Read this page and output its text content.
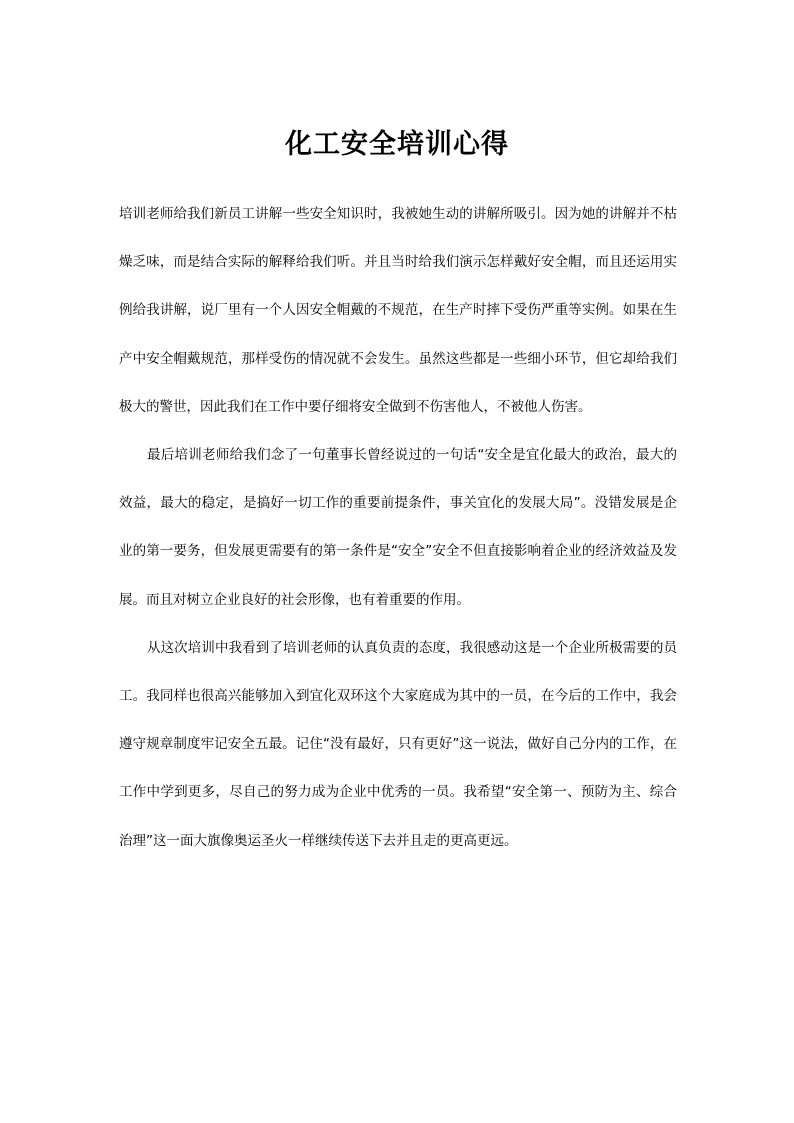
化工安全培训心得

培训老师给我们新员工讲解一些安全知识时，我被她生动的讲解所吸引。因为她的讲解并不枯燥乏味，而是结合实际的解释给我们听。并且当时给我们演示怎样戴好安全帽，而且还运用实例给我讲解，说厂里有一个人因安全帽戴的不规范，在生产时摔下受伤严重等实例。如果在生产中安全帽戴规范，那样受伤的情况就不会发生。虽然这些都是一些细小环节，但它却给我们极大的警世，因此我们在工作中要仔细将安全做到不伤害他人，不被他人伤害。

最后培训老师给我们念了一句董事长曾经说过的一句话“安全是宜化最大的政治，最大的效益，最大的稳定，是搞好一切工作的重要前提条件，事关宜化的发展大局”。没错发展是企业的第一要务，但发展更需要有的第一条件是“安全”安全不但直接影响着企业的经济效益及发展。而且对树立企业良好的社会形像，也有着重要的作用。

从这次培训中我看到了培训老师的认真负责的态度，我很感动这是一个企业所极需要的员工。我同样也很高兴能够加入到宜化双环这个大家庭成为其中的一员，在今后的工作中，我会遵守规章制度牢记安全五最。记住“没有最好，只有更好”这一说法，做好自己分内的工作，在工作中学到更多，尽自己的努力成为企业中优秀的一员。我希望“安全第一、预防为主、综合治理”这一面大旗像奥运圣火一样继续传送下去并且走的更高更远。
